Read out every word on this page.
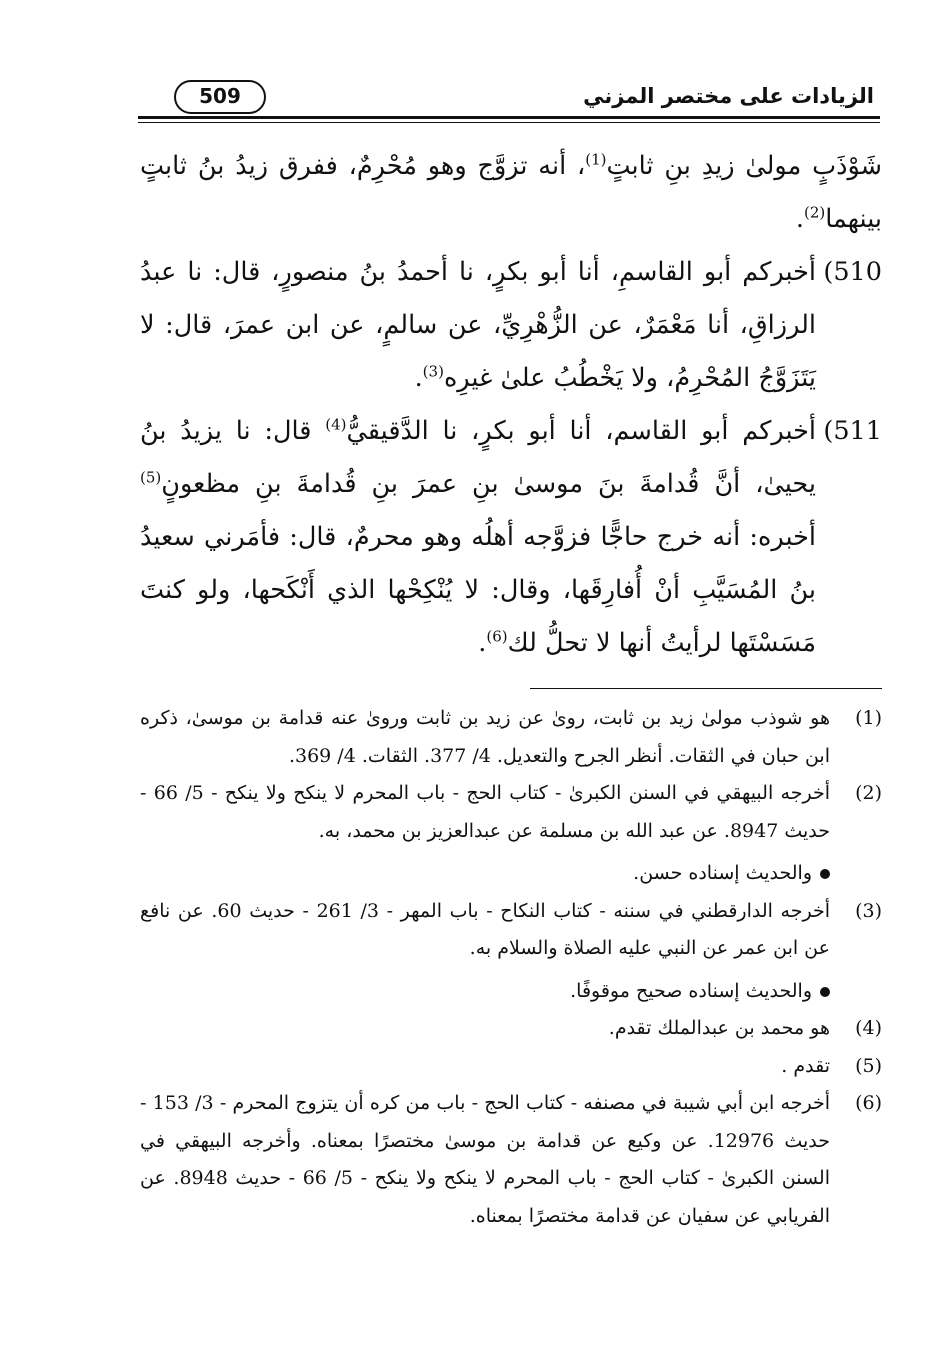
الزيادات على مختصر المزني
509

شَوْذَبٍ مولىٰ زيدِ بنِ ثابتٍ$^{(1)}$، أنه تزوَّج وهو مُحْرِمٌ، ففرق زيدُ بنُ ثابتٍ بينهما$^{(2)}$.

510)
أخبركم أبو القاسمِ، أنا أبو بكرٍ، نا أحمدُ بنُ منصورٍ، قال: نا عبدُ الرزاقِ، أنا مَعْمَرٌ، عن الزُّهْرِيِّ، عن سالمٍ، عن ابن عمرَ، قال: لا يَتَزَوَّجُ المُحْرِمُ، ولا يَخْطُبُ علىٰ غيرِه$^{(3)}$.

511)
أخبركم أبو القاسم، أنا أبو بكرٍ، نا الدَّقيقيُّ$^{(4)}$ قال: نا يزيدُ بنُ يحيىٰ، أنَّ قُدامةَ بنَ موسىٰ بنِ عمرَ بنِ قُدامةَ بنِ مظعونٍ$^{(5)}$ أخبره: أنه خرج حاجًّا فزوَّجه أهلُه وهو محرمٌ، قال: فأمَرني سعيدُ بنُ المُسَيَّبِ أنْ أُفارِقَها، وقال: لا يُنْكِحْها الذي أَنْكَحها، ولو كنتَ مَسَسْتَها لرأيتُ أنها لا تحلُّ لك$^{(6)}$.

(1)
هو شوذب مولىٰ زيد بن ثابت، رویٰ عن زيد بن ثابت وروىٰ عنه قدامة بن موسىٰ، ذكره ابن حبان في الثقات. أنظر الجرح والتعديل. 4/ 377. الثقات. 4/ 369.

(2)
أخرجه البيهقي في السنن الكبرىٰ - كتاب الحج - باب المحرم لا ينكح ولا ينكح - 5/ 66 - حديث 8947. عن عبد الله بن مسلمة عن عبدالعزيز بن محمد، به.

والحديث إسناده حسن.

(3)
أخرجه الدارقطني في سننه - كتاب النكاح - باب المهر - 3/ 261 - حديث 60. عن نافع عن ابن عمر عن النبي عليه الصلاة والسلام به.

والحديث إسناده صحيح موقوفًا.

(4)
هو محمد بن عبدالملك تقدم.

(5)
تقدم .

(6)
أخرجه ابن أبي شيبة في مصنفه - كتاب الحج - باب من كره أن يتزوج المحرم - 3/ 153 - حديث 12976. عن وكيع عن قدامة بن موسىٰ مختصرًا بمعناه. وأخرجه البيهقي في السنن الكبرىٰ - كتاب الحج - باب المحرم لا ينكح ولا ينكح - 5/ 66 - حديث 8948. عن الفريابي عن سفيان عن قدامة مختصرًا بمعناه.
